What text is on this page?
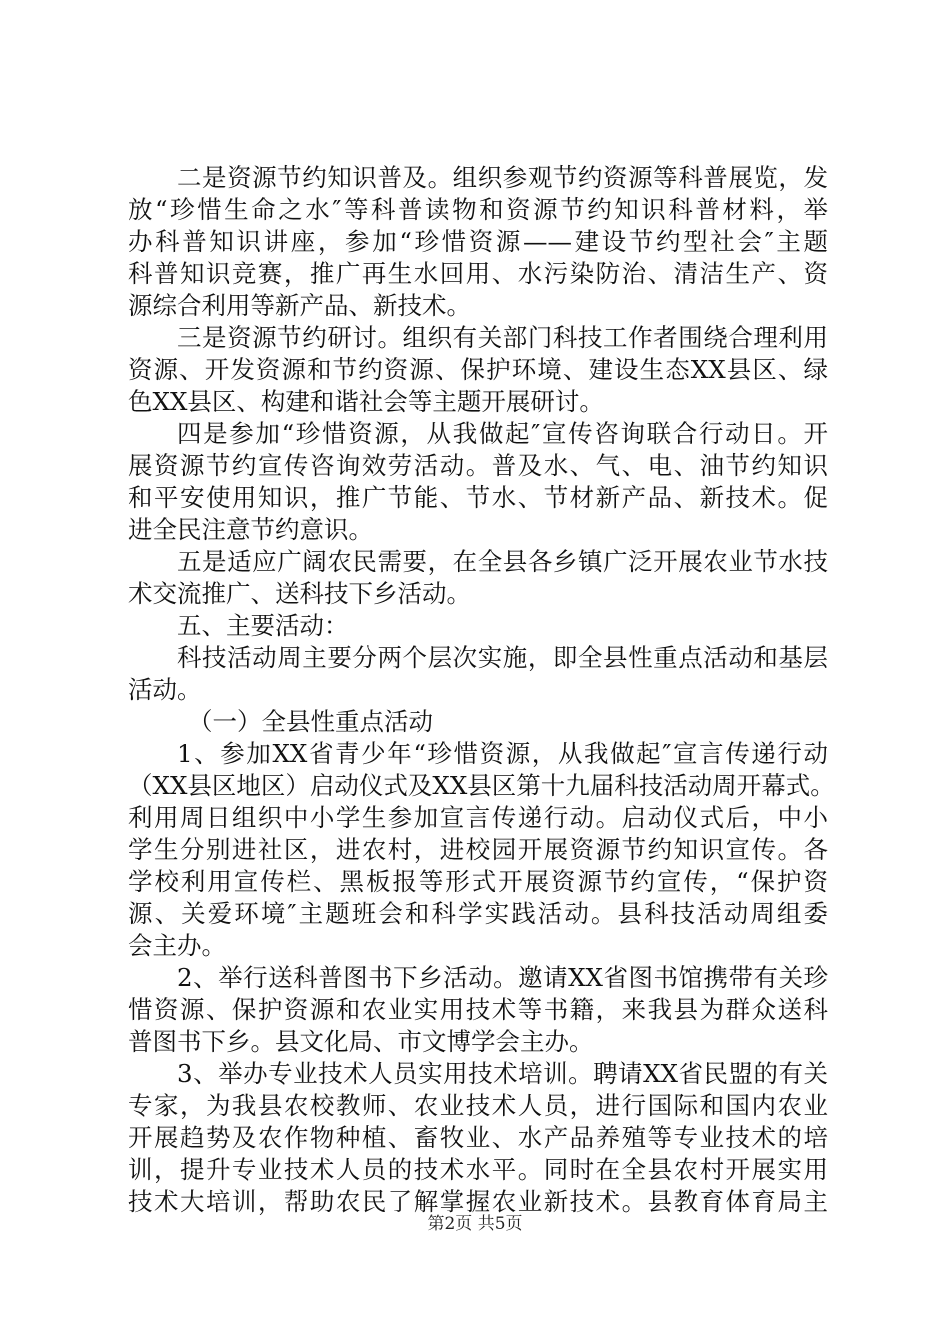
二是资源节约知识普及。组织参观节约资源等科普展览，发
放“珍惜生命之水″等科普读物和资源节约知识科普材料，举
办科普知识讲座，参加“珍惜资源——建设节约型社会″主题
科普知识竞赛，推广再生水回用、水污染防治、清洁生产、资
源综合利用等新产品、新技术。
三是资源节约研讨。组织有关部门科技工作者围绕合理利用
资源、开发资源和节约资源、保护环境、建设生态XX县区、绿
色XX县区、构建和谐社会等主题开展研讨。
四是参加“珍惜资源，从我做起″宣传咨询联合行动日。开
展资源节约宣传咨询效劳活动。普及水、气、电、油节约知识
和平安使用知识，推广节能、节水、节材新产品、新技术。促
进全民注意节约意识。
五是适应广阔农民需要，在全县各乡镇广泛开展农业节水技
术交流推广、送科技下乡活动。
五、主要活动：
科技活动周主要分两个层次实施，即全县性重点活动和基层
活动。
（一）全县性重点活动
1、参加XX省青少年“珍惜资源，从我做起″宣言传递行动
（XX县区地区）启动仪式及XX县区第十九届科技活动周开幕式。
利用周日组织中小学生参加宣言传递行动。启动仪式后，中小
学生分别进社区，进农村，进校园开展资源节约知识宣传。各
学校利用宣传栏、黑板报等形式开展资源节约宣传，“保护资
源、关爱环境″主题班会和科学实践活动。县科技活动周组委
会主办。
2、举行送科普图书下乡活动。邀请XX省图书馆携带有关珍
惜资源、保护资源和农业实用技术等书籍，来我县为群众送科
普图书下乡。县文化局、市文博学会主办。
3、举办专业技术人员实用技术培训。聘请XX省民盟的有关
专家，为我县农校教师、农业技术人员，进行国际和国内农业
开展趋势及农作物种植、畜牧业、水产品养殖等专业技术的培
训，提升专业技术人员的技术水平。同时在全县农村开展实用
技术大培训，帮助农民了解掌握农业新技术。县教育体育局主
第2页 共5页
